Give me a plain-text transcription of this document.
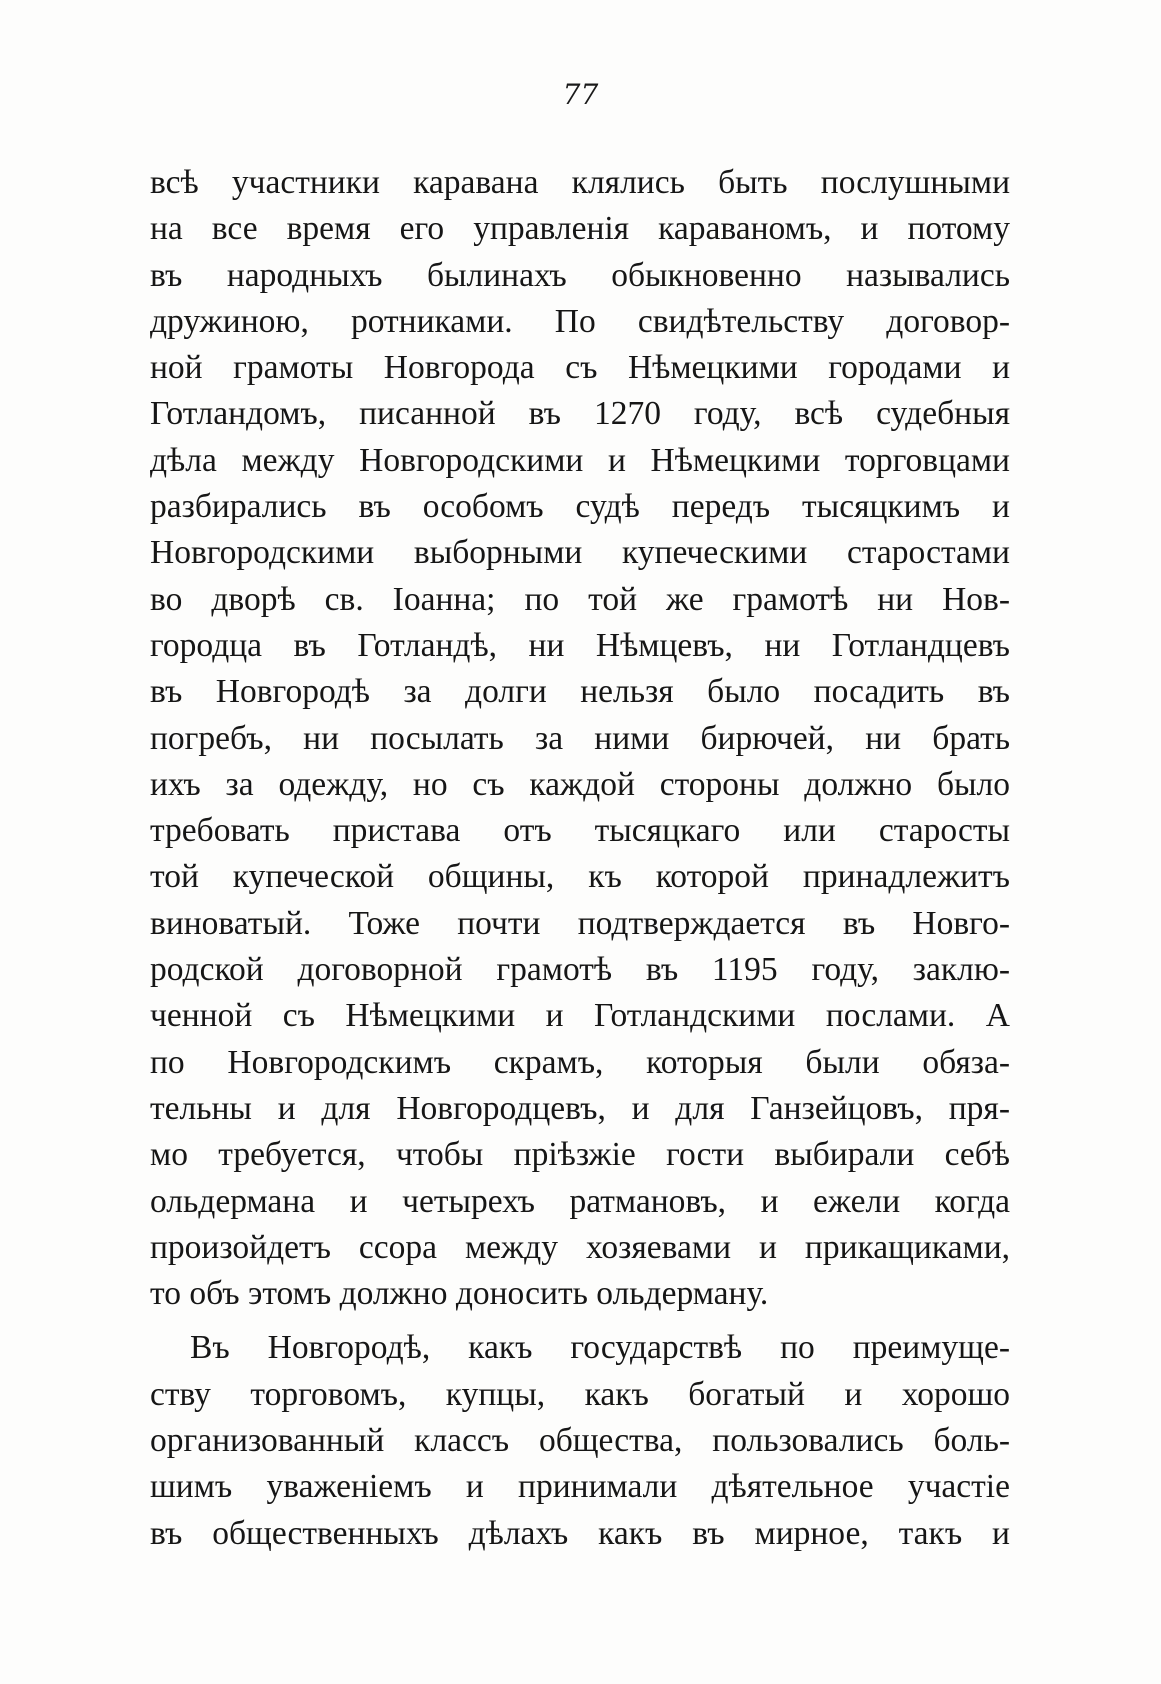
77
всѣ участники каравана клялись быть послушными
на все время его управленія караваномъ, и потому
въ народныхъ былинахъ обыкновенно назывались
дружиною, ротниками. По свидѣтельству договор-
ной грамоты Новгорода съ Нѣмецкими городами и
Готландомъ, писанной въ 1270 году, всѣ судебныя
дѣла между Новгородскими и Нѣмецкими торговцами
разбирались въ особомъ судѣ передъ тысяцкимъ и
Новгородскими выборными купеческими старостами
во дворѣ св. Іоанна; по той же грамотѣ ни Нов-
городца въ Готландѣ, ни Нѣмцевъ, ни Готландцевъ
въ Новгородѣ за долги нельзя было посадить въ
погребъ, ни посылать за ними бирючей, ни брать
ихъ за одежду, но съ каждой стороны должно было
требовать пристава отъ тысяцкаго или старосты
той купеческой общины, къ которой принадлежитъ
виноватый. Тоже почти подтверждается въ Новго-
родской договорной грамотѣ въ 1195 году, заклю-
ченной съ Нѣмецкими и Готландскими послами. А
по Новгородскимъ скрамъ, которыя были обяза-
тельны и для Новгородцевъ, и для Ганзейцовъ, пря-
мо требуется, чтобы пріѣзжіе гости выбирали себѣ
ольдермана и четырехъ ратмановъ, и ежели когда
произойдетъ ссора между хозяевами и прикащиками,
то объ этомъ должно доносить ольдерману.
Въ Новгородѣ, какъ государствѣ по преимуще-
ству торговомъ, купцы, какъ богатый и хорошо
организованный классъ общества, пользовались боль-
шимъ уваженіемъ и принимали дѣятельное участіе
въ общественныхъ дѣлахъ какъ въ мирное, такъ и
